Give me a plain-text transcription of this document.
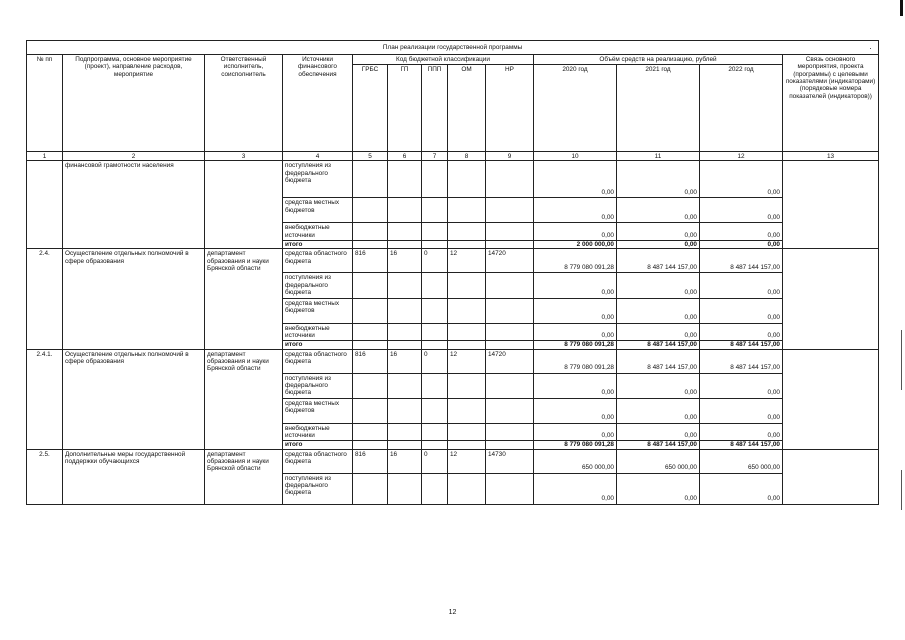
План реализации государственной программы												
№ пп	Подпрограмма, основное мероприятие (проект), направление расходов, мероприятие	Ответственный исполнитель, соисполнитель	Источники финансового обеспечения	Код бюджетной классификации					Объём средств на реализацию, рублей			Связь основного мероприятия, проекта (программы) с целевыми показателями (индикаторами) (порядковые номера показателей (индикаторов))
				ГРБС	ГП	ППП	ОМ	НР	2020 год	2021 год	2022 год	
1	2	3	4	5	6	7	8	9	10	11	12	13
	финансовой грамотности населения		поступления из федерального бюджета						0,00	0,00	0,00	
			средства местных бюджетов						0,00	0,00	0,00	
			внебюджетные источники						0,00	0,00	0,00	
			итого						2 000 000,00	0,00	0,00	
2.4.	Осуществление отдельных полномочий в сфере образования	департамент образования и науки Брянской области	средства областного бюджета	816	16	0	12	14720	8 779 080 091,28	8 487 144 157,00	8 487 144 157,00	
			поступления из федерального бюджета						0,00	0,00	0,00	
			средства местных бюджетов						0,00	0,00	0,00	
			внебюджетные источники						0,00	0,00	0,00	
			итого						8 779 080 091,28	8 487 144 157,00	8 487 144 157,00	
2.4.1.	Осуществление отдельных полномочий в сфере образования	департамент образования и науки Брянской области	средства областного бюджета	816	16	0	12	14720	8 779 080 091,28	8 487 144 157,00	8 487 144 157,00	
			поступления из федерального бюджета						0,00	0,00	0,00	
			средства местных бюджетов						0,00	0,00	0,00	
			внебюджетные источники						0,00	0,00	0,00	
			итого						8 779 080 091,28	8 487 144 157,00	8 487 144 157,00	
2.5.	Дополнительные меры государственной поддержки обучающихся	департамент образования и науки Брянской области	средства областного бюджета	816	16	0	12	14730	650 000,00	650 000,00	650 000,00	
			поступления из федерального бюджета						0,00	0,00	0,00	
12
